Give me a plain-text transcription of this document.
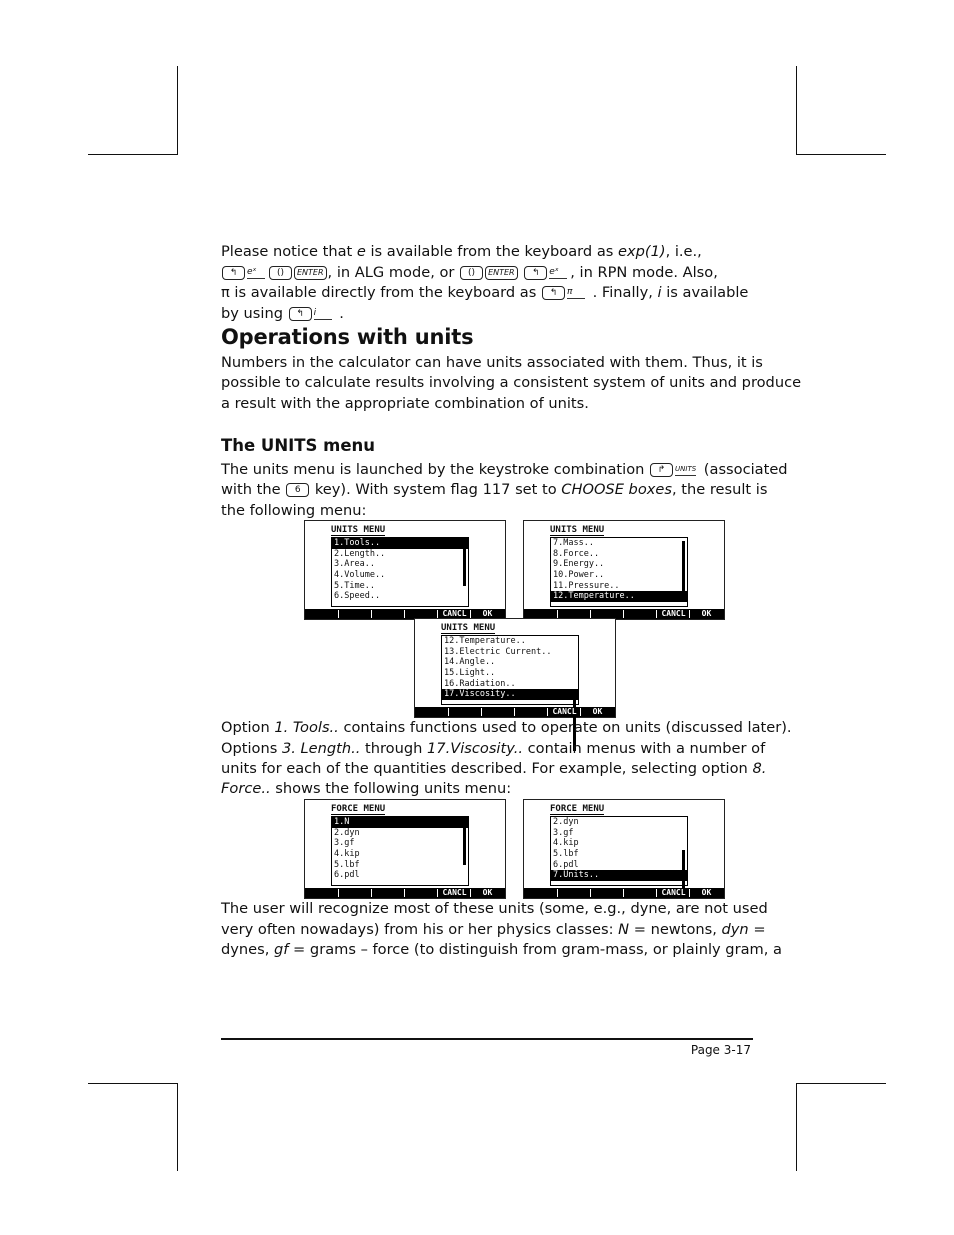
Please notice that e is available from the keyboard as exp(1), i.e.,
↰ eˣ () ENTER , in ALG mode, or () ENTER ↰ eˣ , in RPN mode. Also,
π is available directly from the keyboard as ↰ π . Finally, i is available
by using ↰ i .
Operations with units
Numbers in the calculator can have units associated with them. Thus, it is
possible to calculate results involving a consistent system of units and produce
a result with the appropriate combination of units.
The UNITS menu
The units menu is launched by the keystroke combination ↱ UNITS (associated
with the 6 key). With system flag 117 set to CHOOSE boxes, the result is
the following menu:
UNITS MENU
1.Tools..
2.Length..
3.Area..
4.Volume..
5.Time..
6.Speed..
CANCL	OK
UNITS MENU
7.Mass..
8.Force..
9.Energy..
10.Power..
11.Pressure..
12.Temperature..
CANCL	OK
UNITS MENU
12.Temperature..
13.Electric Current..
14.Angle..
15.Light..
16.Radiation..
17.Viscosity..
CANCL	OK
Option 1. Tools.. contains functions used to operate on units (discussed later).
Options 3. Length.. through 17.Viscosity.. contain menus with a number of
units for each of the quantities described. For example, selecting option 8.
Force.. shows the following units menu:
FORCE MENU
1.N
2.dyn
3.gf
4.kip
5.lbf
6.pdl
CANCL	OK
FORCE MENU
2.dyn
3.gf
4.kip
5.lbf
6.pdl
7.Units..
CANCL	OK
The user will recognize most of these units (some, e.g., dyne, are not used
very often nowadays) from his or her physics classes: N = newtons, dyn =
dynes, gf = grams – force (to distinguish from gram-mass, or plainly gram, a
Page 3-17
